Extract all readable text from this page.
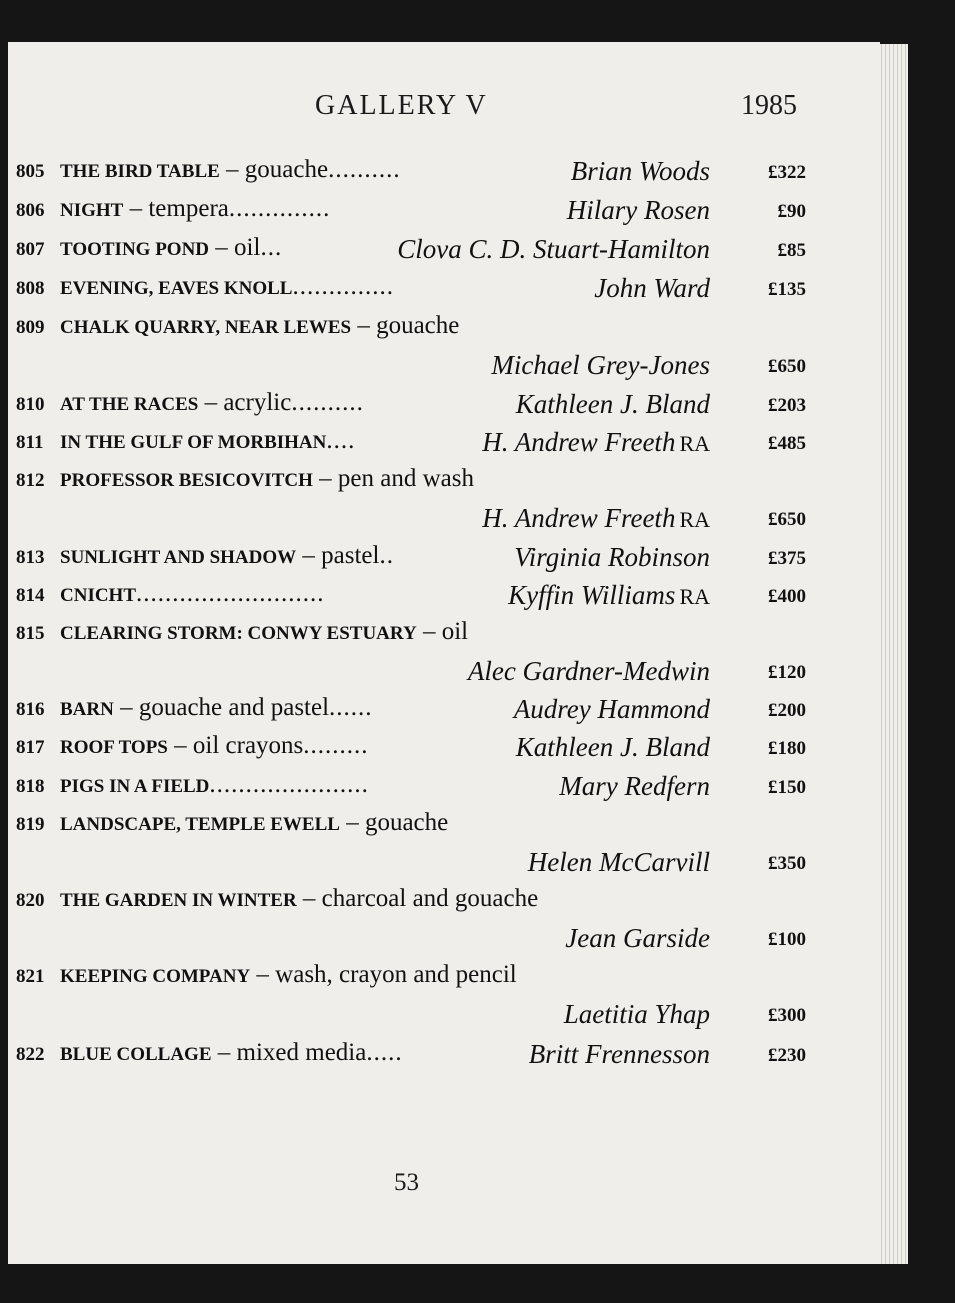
GALLERY V	1985
805 THE BIRD TABLE – gouache..........	Brian Woods	£322
806 NIGHT – tempera..............	Hilary Rosen	£90
807 TOOTING POND – oil...	Clova C. D. Stuart-Hamilton	£85
808 EVENING, EAVES KNOLL..............	John Ward	£135
809 CHALK QUARRY, NEAR LEWES – gouache
Michael Grey-Jones	£650
810 AT THE RACES – acrylic..........	Kathleen J. Bland	£203
811 IN THE GULF OF MORBIHAN....	H. Andrew Freeth RA	£485
812 PROFESSOR BESICOVITCH – pen and wash
H. Andrew Freeth RA	£650
813 SUNLIGHT AND SHADOW – pastel..	Virginia Robinson	£375
814 CNICHT..........................	Kyffin Williams RA	£400
815 CLEARING STORM: CONWY ESTUARY – oil
Alec Gardner-Medwin	£120
816 BARN – gouache and pastel......	Audrey Hammond	£200
817 ROOF TOPS – oil crayons.........	Kathleen J. Bland	£180
818 PIGS IN A FIELD......................	Mary Redfern	£150
819 LANDSCAPE, TEMPLE EWELL – gouache
Helen McCarvill	£350
820 THE GARDEN IN WINTER – charcoal and gouache
Jean Garside	£100
821 KEEPING COMPANY – wash, crayon and pencil
Laetitia Yhap	£300
822 BLUE COLLAGE – mixed media.....	Britt Frennesson	£230
53
